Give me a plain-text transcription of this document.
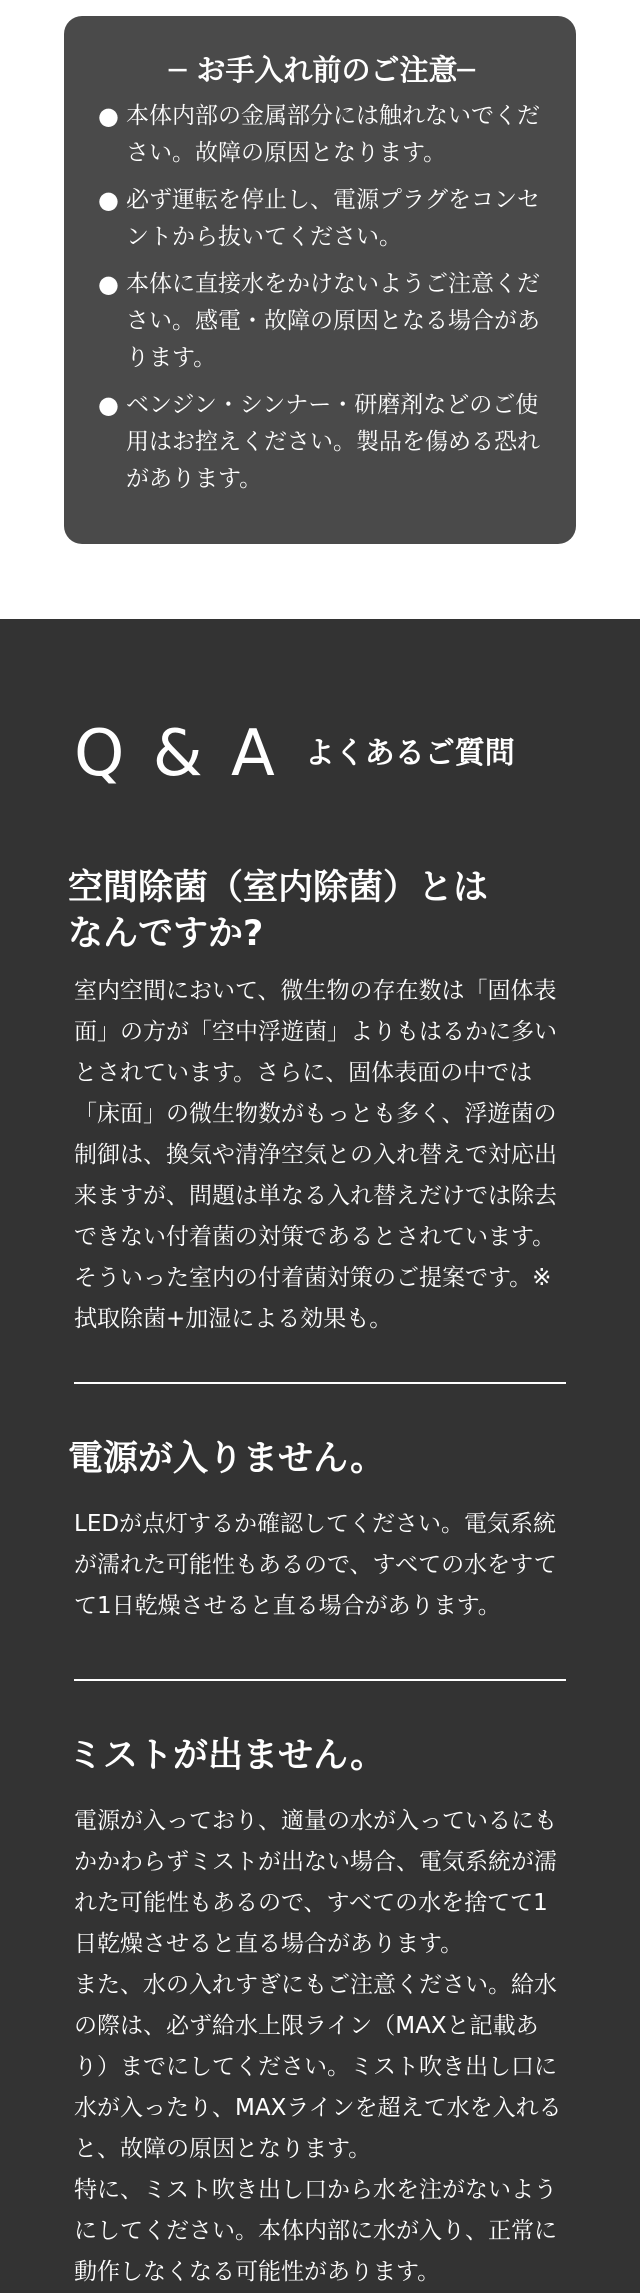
─ お手入れ前のご注意─
● 本体内部の金属部分には触れないでください。故障の原因となります。
● 必ず運転を停止し、電源プラグをコンセントから抜いてください。
● 本体に直接水をかけないようご注意ください。感電・故障の原因となる場合があります。
● ベンジン・シンナー・研磨剤などのご使用はお控えください。製品を傷める恐れがあります。
Q & A よくあるご質問
空間除菌（室内除菌）とはなんですか?

室内空間において、微生物の存在数は「固体表面」の方が「空中浮遊菌」よりもはるかに多いとされています。さらに、固体表面の中では「床面」の微生物数がもっとも多く、浮遊菌の制御は、換気や清浄空気との入れ替えで対応出来ますが、問題は単なる入れ替えだけでは除去できない付着菌の対策であるとされています。そういった室内の付着菌対策のご提案です。※拭取除菌+加湿による効果も。

電源が入りません。

LEDが点灯するか確認してください。電気系統が濡れた可能性もあるので、すべての水をすてて1日乾燥させると直る場合があります。

ミストが出ません。

電源が入っており、適量の水が入っているにもかかわらずミストが出ない場合、電気系統が濡れた可能性もあるので、すべての水を捨てて1日乾燥させると直る場合があります。

また、水の入れすぎにもご注意ください。給水の際は、必ず給水上限ライン（MAXと記載あり）までにしてください。ミスト吹き出し口に水が入ったり、MAXラインを超えて水を入れると、故障の原因となります。

特に、ミスト吹き出し口から水を注がないようにしてください。本体内部に水が入り、正常に動作しなくなる可能性があります。
